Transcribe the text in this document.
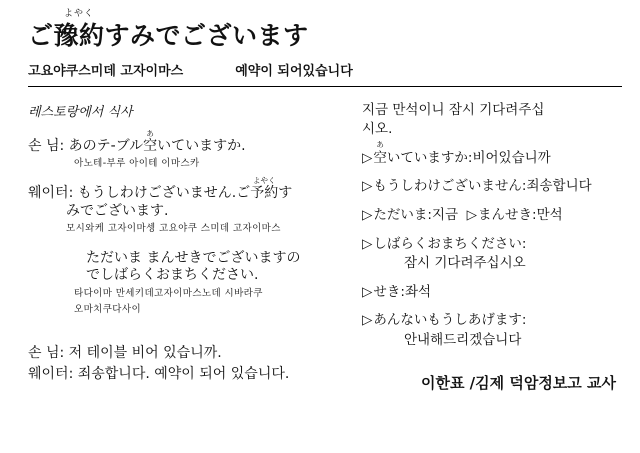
ご
よやく
豫約すみでございます
고요야쿠스미데 고자이마스	예약이 되어있습니다
레스토랑에서 식사
손 님: あのテ-ブル
あ
空いていますか.
아노테-부루 아이테 이마스카
웨이터: もうしわけございません.ご
よやく
予約す
みでございます.
모시와케 고자이마셍 고요야쿠 스미데 고자이마스
ただいま まんせきでございますの
でしばらくおまちください.
타다이마 만세키데고자이마스노데 시바라쿠
오마치쿠다사이
손 님: 저 테이블 비어 있습니까.
웨이터: 죄송합니다. 예약이 되어 있습니다.
지금 만석이니 잠시 기다려주십
시오.
▷
あ
空いていますか:비어있습니까
▷もうしわけございません:죄송합니다
▷ただいま:지금 ▷まんせき:만석
▷しばらくおまちください:
잠시 기다려주십시오
▷せき:좌석
▷あんないもうしあげます:
안내해드리겠습니다
이한표 /김제 덕암정보고 교사
